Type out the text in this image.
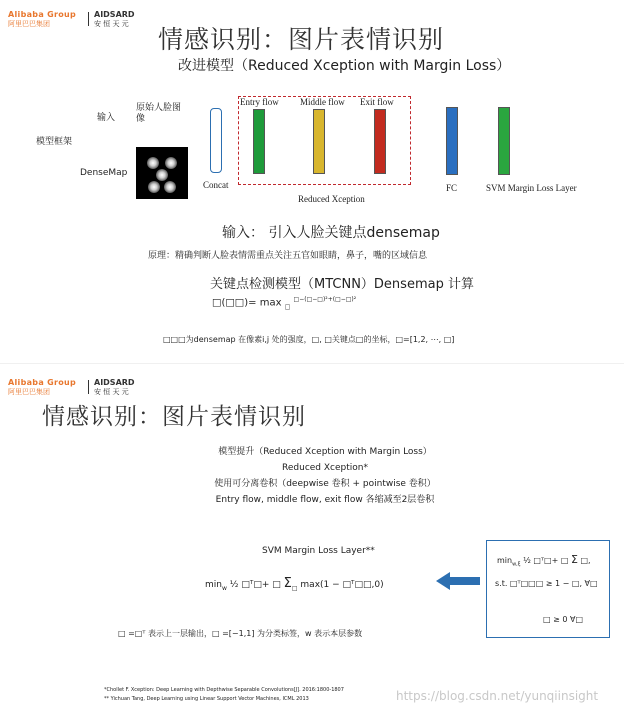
Alibaba Group
阿里巴巴集团
AIDSARD
安 恒 天 元
情感识别：图片表情识别
改进模型（Reduced Xception with Margin Loss）
输入
原始人脸图像
模型框架
DenseMap
Concat
Entry flow Middle flow Exit flow
Reduced Xception
FC	SVM Margin Loss Layer
输入： 引入人脸关键点densemap
原理：精确判断人脸表情需重点关注五官如眼睛，鼻子，嘴的区域信息
关键点检测模型（MTCNN）Densemap 计算
□(□□)= max $_□$ $^{□-(□-□)^2+(□-□)^2}$
□□□为densemap 在像素i,j 处的强度，□, □关键点□的坐标，□=[1,2, ⋯, □]
Alibaba Group
阿里巴巴集团
AIDSARD
安 恒 天 元
情感识别：图片表情识别
模型提升（Reduced Xception with Margin Loss）
Reduced Xception*
使用可分离卷积（deepwise 卷积 + pointwise 卷积）
Entry flow, middle flow, exit flow 各缩减至2层卷积
SVM Margin Loss Layer**
$\min_w$ ½ □ᵀ□+ □ $\Sigma_□$ max(1 − □ᵀ□□,0)
$\min_{w,\xi}$ ½ □ᵀ□+ □ Σ □,
s.t. □ᵀ□□□ ≥ 1 − □, ∀□
□ ≥ 0 ∀□
□ =□ᵀ 表示上一层输出，□ =[−1,1] 为分类标签，w 表示本层参数
*Chollet F. Xception: Deep Learning with Depthwise Separable Convolutions[J]. 2016:1800-1807
** Yichuan Tang, Deep Learning using Linear Support Vector Machines, ICML 2013	https://blog.csdn.net/yunqiinsight
